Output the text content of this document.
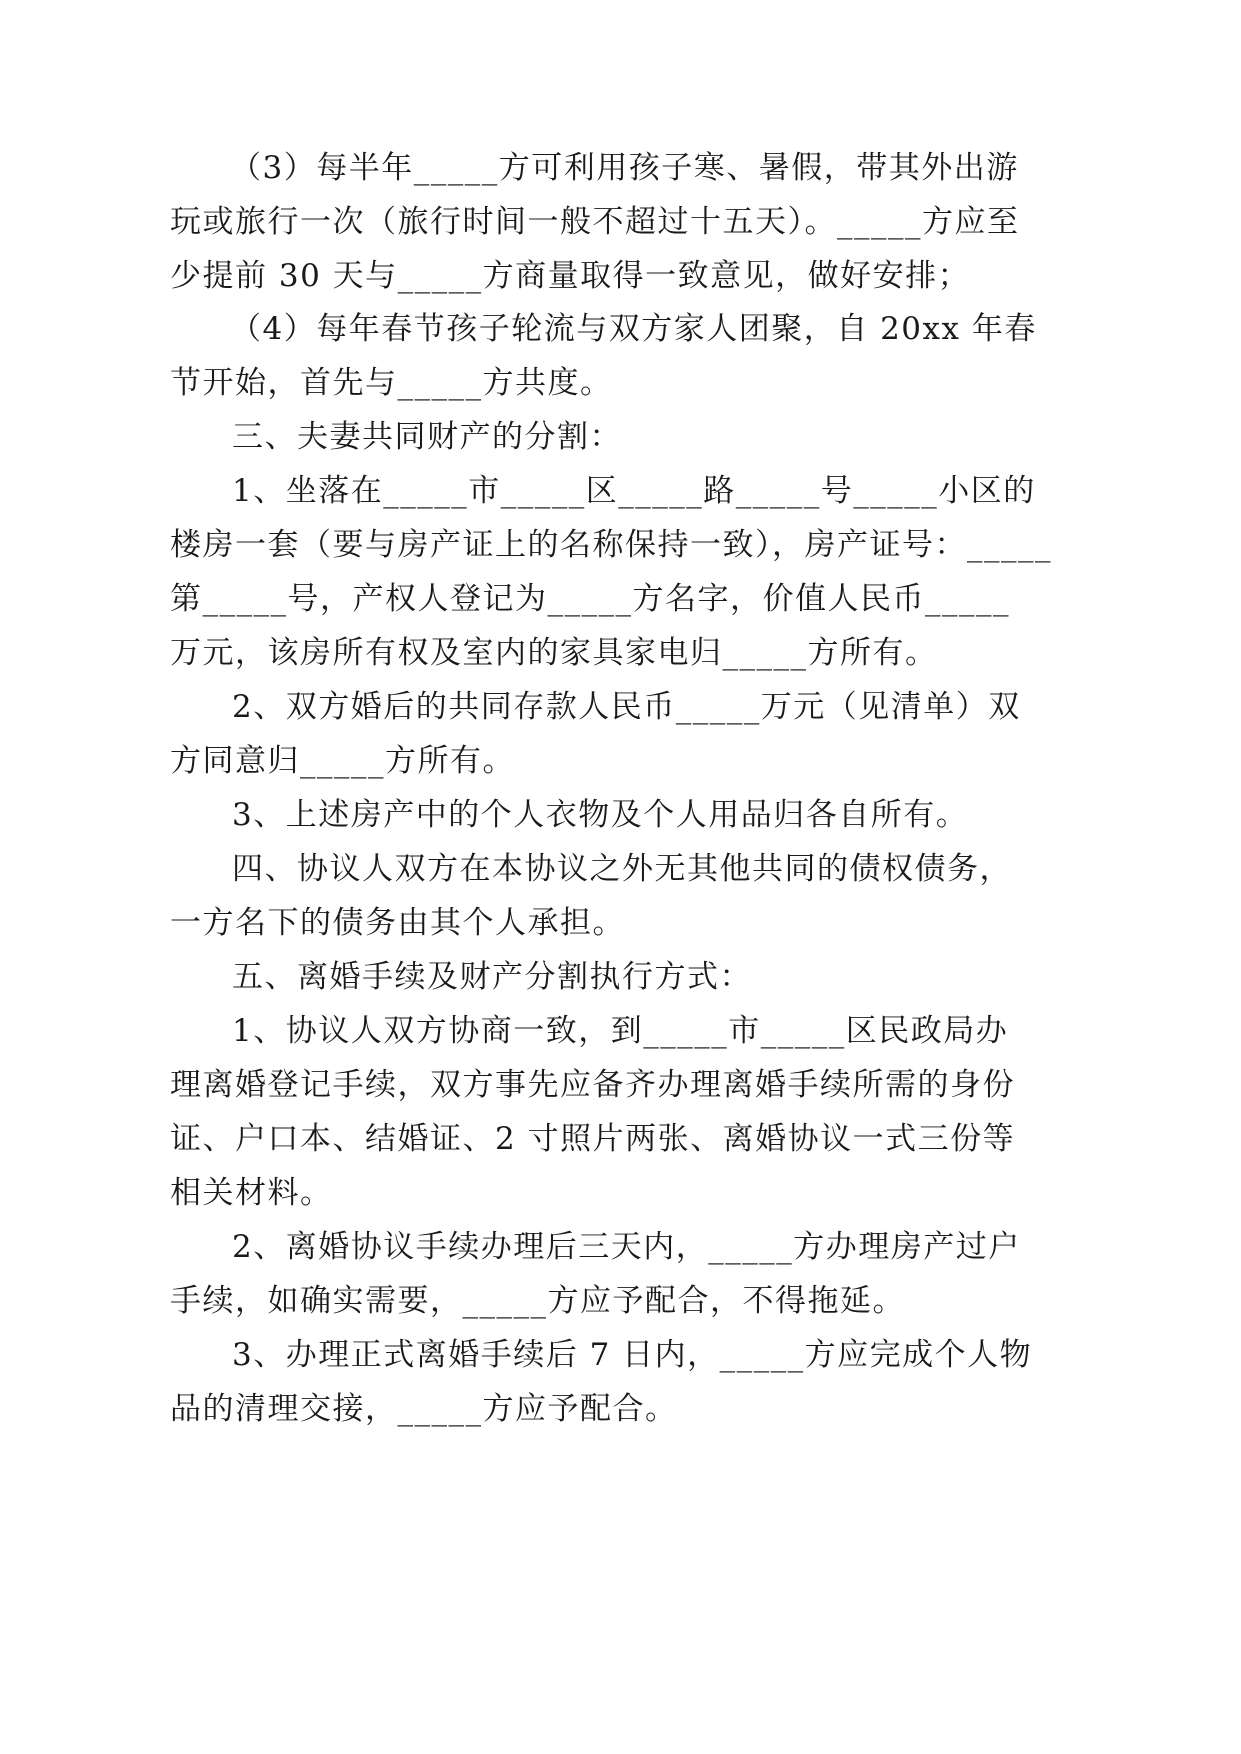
（3）每半年_____方可利用孩子寒、暑假，带其外出游
玩或旅行一次（旅行时间一般不超过十五天）。_____方应至
少提前 30 天与_____方商量取得一致意见，做好安排；
（4）每年春节孩子轮流与双方家人团聚，自 20xx 年春
节开始，首先与_____方共度。
三、夫妻共同财产的分割：
1、坐落在_____市_____区_____路_____号_____小区的
楼房一套（要与房产证上的名称保持一致），房产证号：_____
第_____号，产权人登记为_____方名字，价值人民币_____
万元，该房所有权及室内的家具家电归_____方所有。
2、双方婚后的共同存款人民币_____万元（见清单）双
方同意归_____方所有。
3、上述房产中的个人衣物及个人用品归各自所有。
四、协议人双方在本协议之外无其他共同的债权债务，
一方名下的债务由其个人承担。
五、离婚手续及财产分割执行方式：
1、协议人双方协商一致，到_____市_____区民政局办
理离婚登记手续，双方事先应备齐办理离婚手续所需的身份
证、户口本、结婚证、2 寸照片两张、离婚协议一式三份等
相关材料。
2、离婚协议手续办理后三天内，_____方办理房产过户
手续，如确实需要，_____方应予配合，不得拖延。
3、办理正式离婚手续后 7 日内，_____方应完成个人物
品的清理交接，_____方应予配合。
